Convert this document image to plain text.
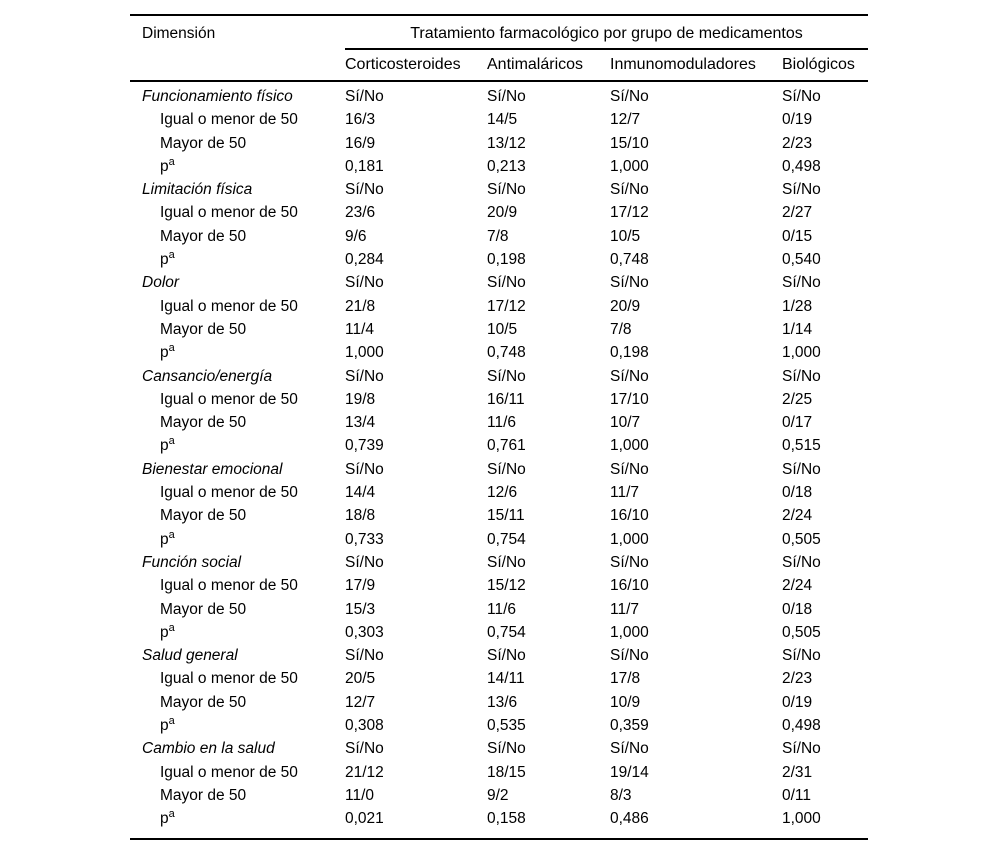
Dimensión	Tratamiento farmacológico por grupo de medicamentos			
	Corticosteroides	Antimaláricos	Inmunomoduladores	Biológicos
Funcionamiento físico	Sí/No	Sí/No	Sí/No	Sí/No
Igual o menor de 50	16/3	14/5	12/7	0/19
Mayor de 50	16/9	13/12	15/10	2/23
$p^a$	0,181	0,213	1,000	0,498
Limitación física	Sí/No	Sí/No	Sí/No	Sí/No
Igual o menor de 50	23/6	20/9	17/12	2/27
Mayor de 50	9/6	7/8	10/5	0/15
$p^a$	0,284	0,198	0,748	0,540
Dolor	Sí/No	Sí/No	Sí/No	Sí/No
Igual o menor de 50	21/8	17/12	20/9	1/28
Mayor de 50	11/4	10/5	7/8	1/14
$p^a$	1,000	0,748	0,198	1,000
Cansancio/energía	Sí/No	Sí/No	Sí/No	Sí/No
Igual o menor de 50	19/8	16/11	17/10	2/25
Mayor de 50	13/4	11/6	10/7	0/17
$p^a$	0,739	0,761	1,000	0,515
Bienestar emocional	Sí/No	Sí/No	Sí/No	Sí/No
Igual o menor de 50	14/4	12/6	11/7	0/18
Mayor de 50	18/8	15/11	16/10	2/24
$p^a$	0,733	0,754	1,000	0,505
Función social	Sí/No	Sí/No	Sí/No	Sí/No
Igual o menor de 50	17/9	15/12	16/10	2/24
Mayor de 50	15/3	11/6	11/7	0/18
$p^a$	0,303	0,754	1,000	0,505
Salud general	Sí/No	Sí/No	Sí/No	Sí/No
Igual o menor de 50	20/5	14/11	17/8	2/23
Mayor de 50	12/7	13/6	10/9	0/19
$p^a$	0,308	0,535	0,359	0,498
Cambio en la salud	Sí/No	Sí/No	Sí/No	Sí/No
Igual o menor de 50	21/12	18/15	19/14	2/31
Mayor de 50	11/0	9/2	8/3	0/11
$p^a$	0,021	0,158	0,486	1,000
